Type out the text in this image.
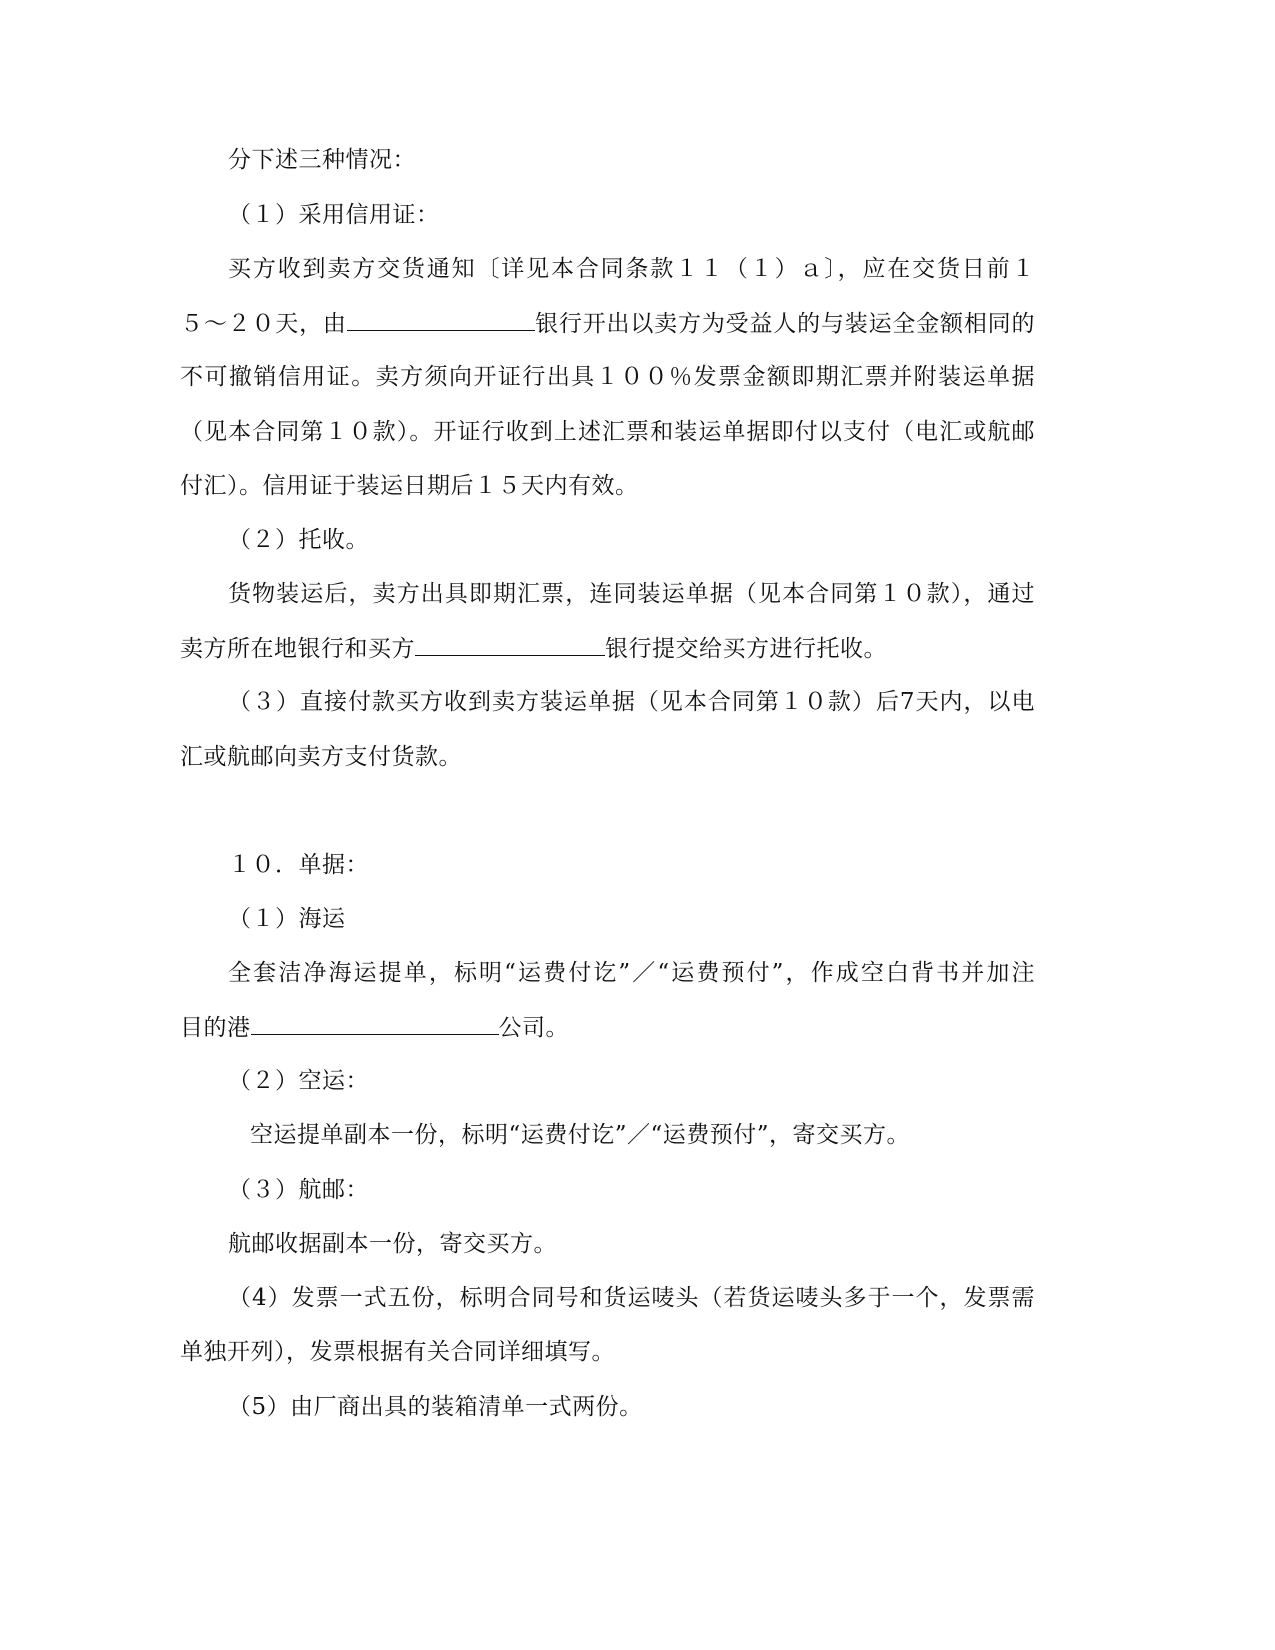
分下述三种情况：
（１）采用信用证：
买方收到卖方交货通知〔详见本合同条款１１（１）ａ〕，应在交货日前１
５～２０天，由	银行开出以卖方为受益人的与装运全金额相同的
不可撤销信用证。卖方须向开证行出具１００％发票金额即期汇票并附装运单据
（见本合同第１０款）。开证行收到上述汇票和装运单据即付以支付（电汇或航邮
付汇）。信用证于装运日期后１５天内有效。
（２）托收。
货物装运后，卖方出具即期汇票，连同装运单据（见本合同第１０款），通过
卖方所在地银行和买方	银行提交给买方进行托收。
（３）直接付款买方收到卖方装运单据（见本合同第１０款）后7天内，以电
汇或航邮向卖方支付货款。
１０．单据：
（１）海运
全套洁净海运提单，标明“运费付讫”／“运费预付”，作成空白背书并加注
目的港	公司。
（２）空运：
空运提单副本一份，标明“运费付讫”／“运费预付”，寄交买方。
（３）航邮：
航邮收据副本一份，寄交买方。
（4）发票一式五份，标明合同号和货运唛头（若货运唛头多于一个，发票需
单独开列），发票根据有关合同详细填写。
（5）由厂商出具的装箱清单一式两份。
